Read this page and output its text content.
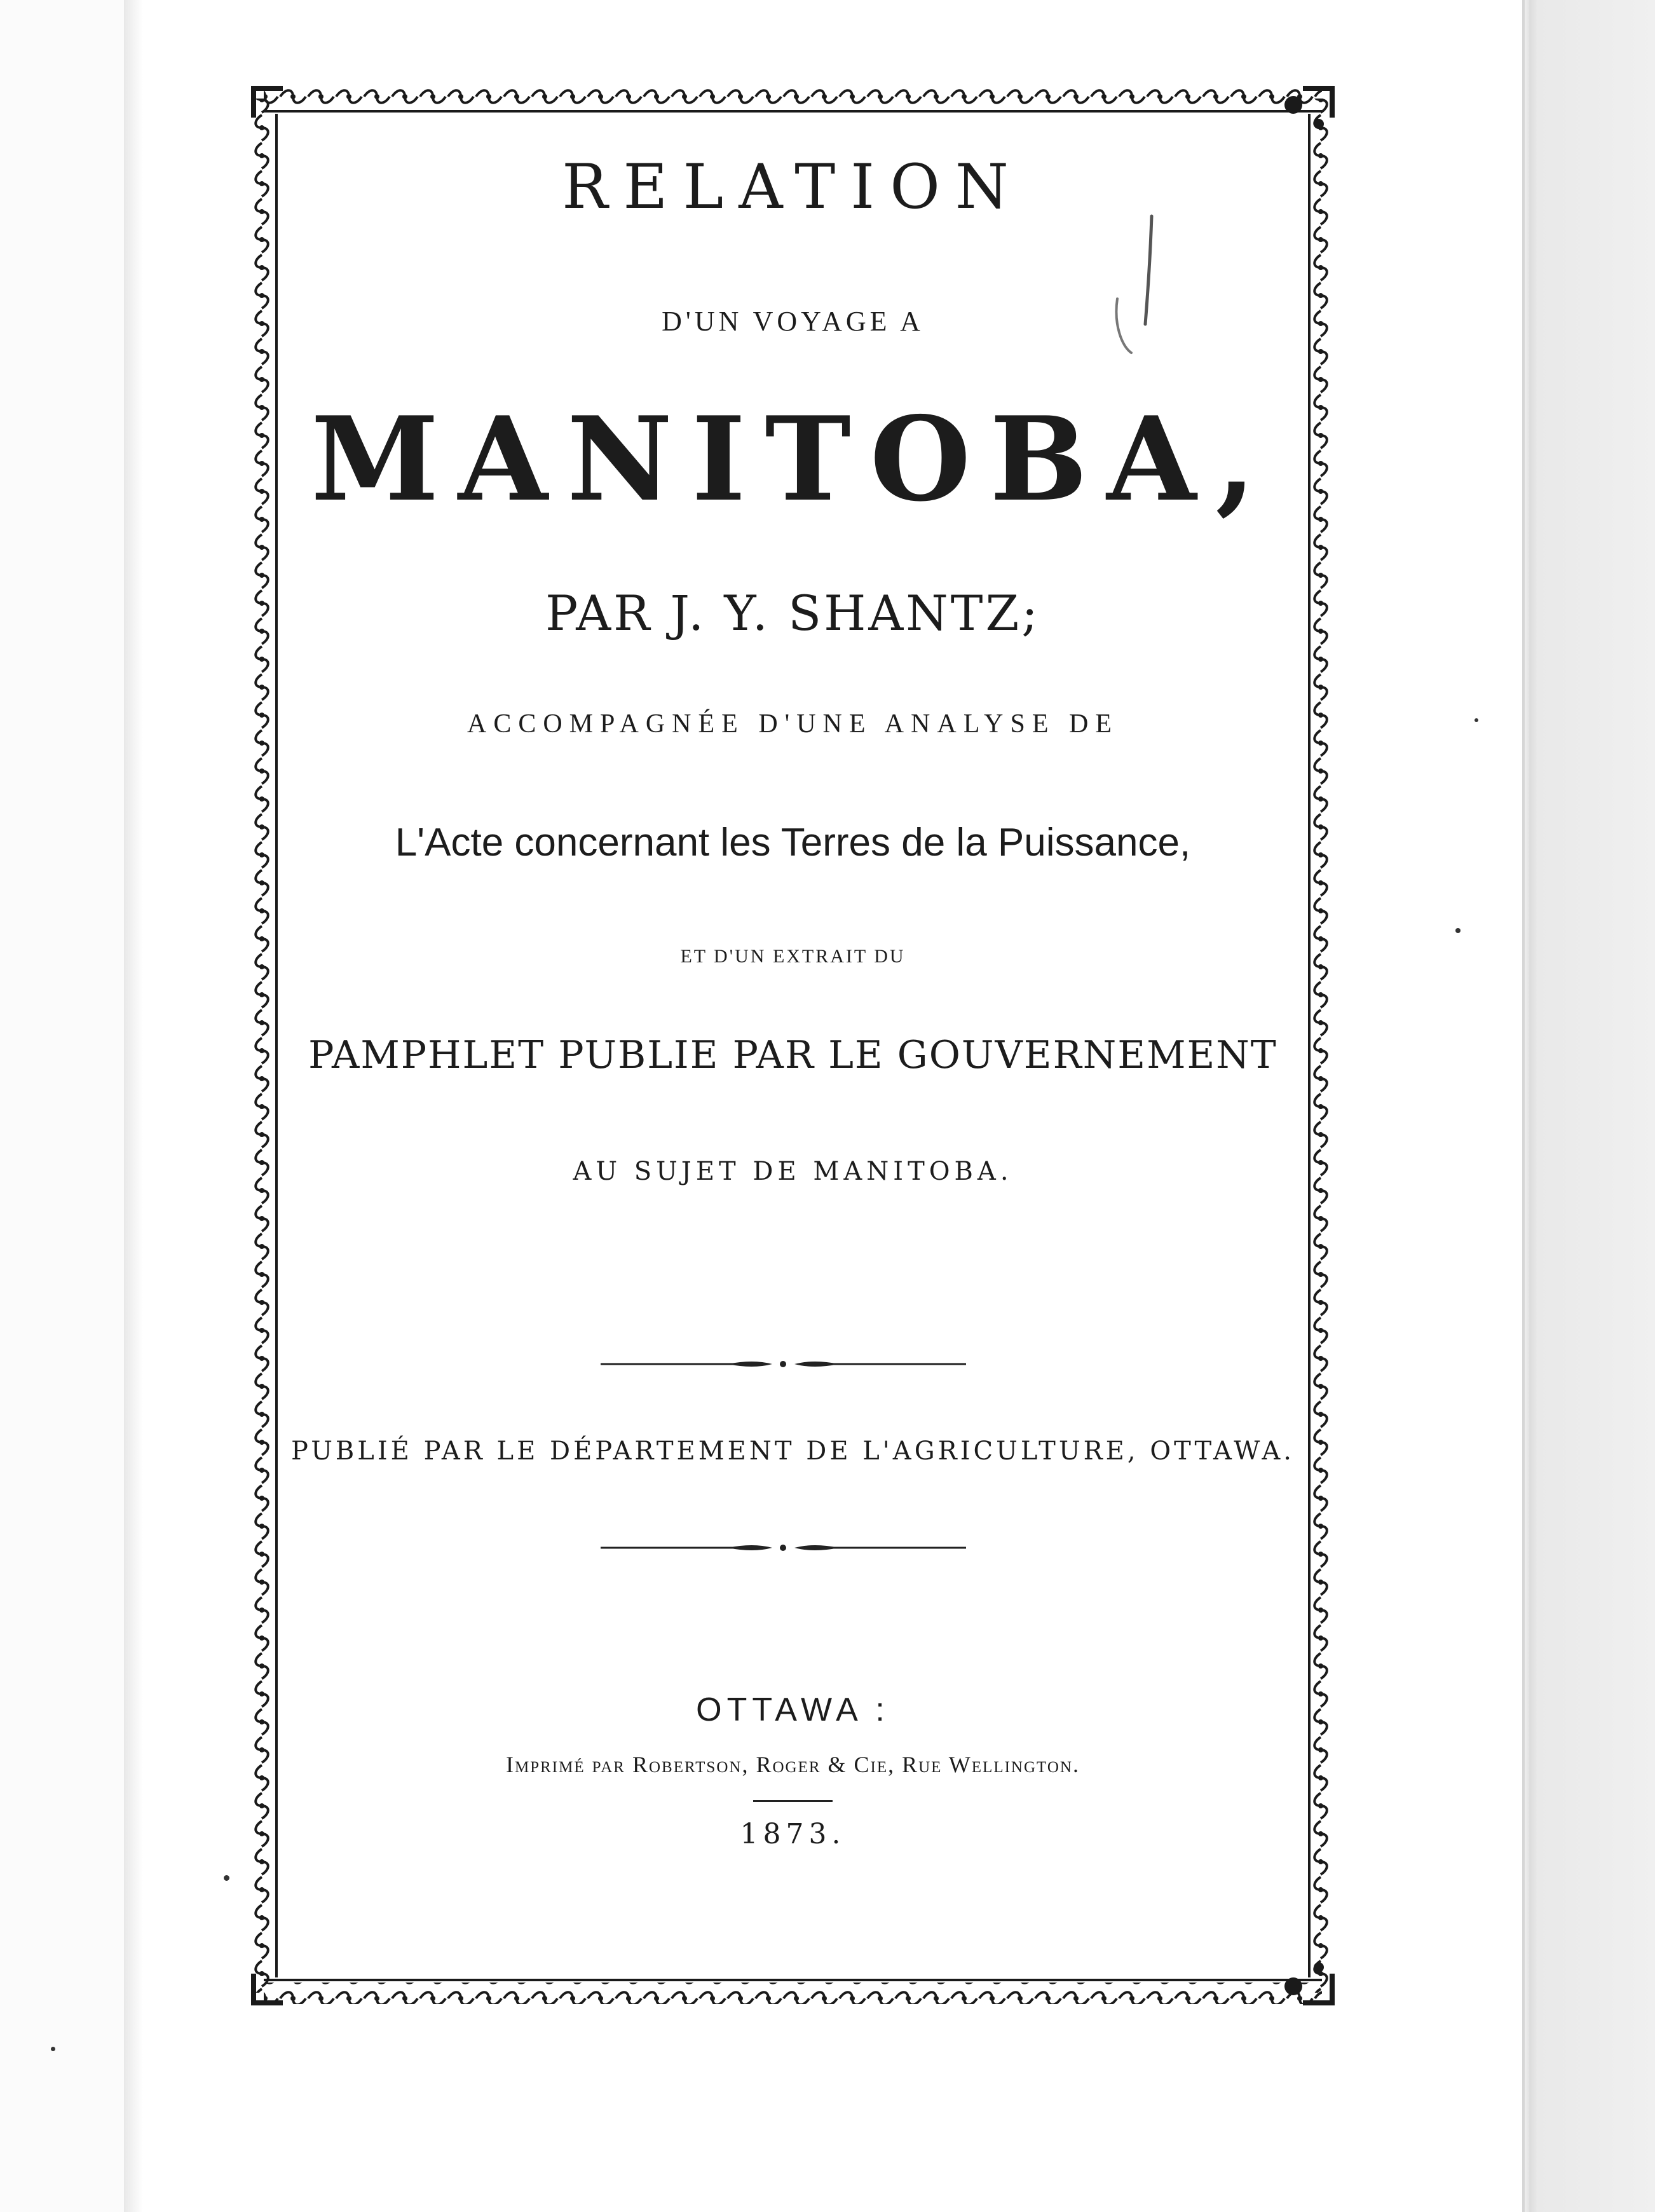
RELATION
D'UN VOYAGE A
MANITOBA,
PAR J. Y. SHANTZ;
ACCOMPAGNÉE D'UNE ANALYSE DE
L'Acte concernant les Terres de la Puissance,
ET D'UN EXTRAIT DU
PAMPHLET PUBLIE PAR LE GOUVERNEMENT
AU SUJET DE MANITOBA.
PUBLIÉ PAR LE DÉPARTEMENT DE L'AGRICULTURE, OTTAWA.
OTTAWA :
Imprimé par Robertson, Roger & Cie, Rue Wellington.
1873.
